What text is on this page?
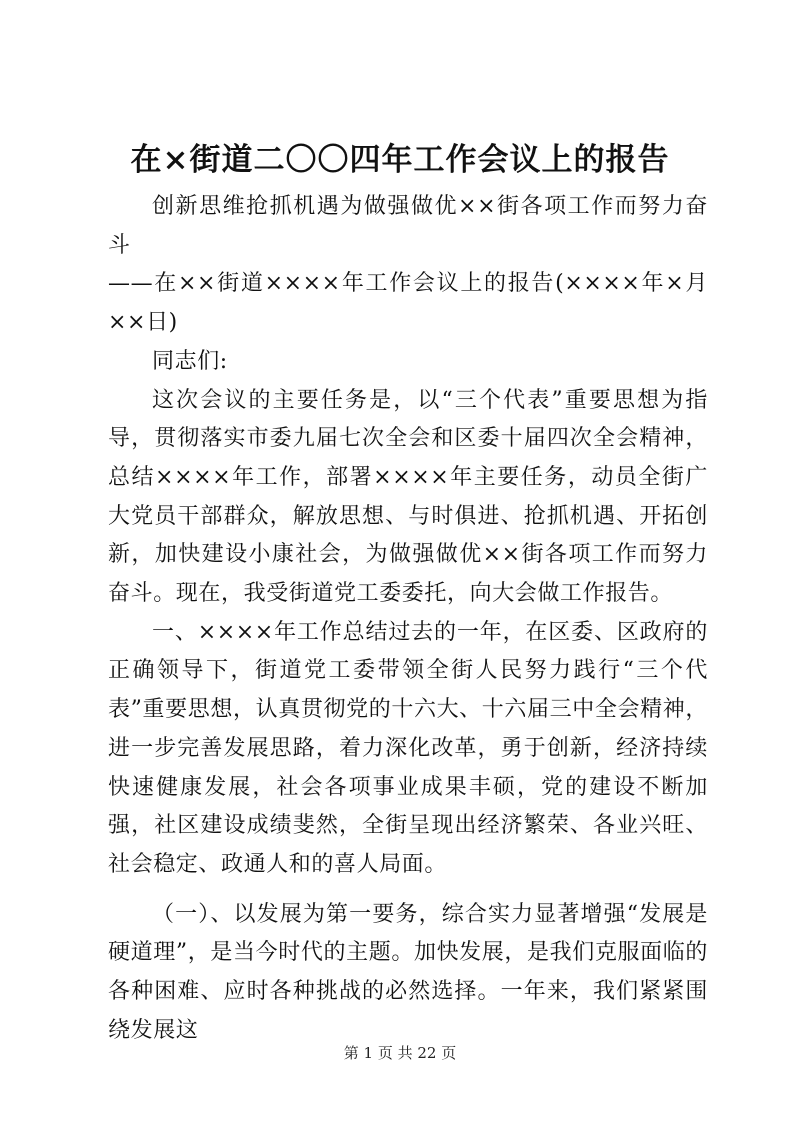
在×街道二〇〇四年工作会议上的报告

创新思维抢抓机遇为做强做优××街各项工作而努力奋斗

——在××街道××××年工作会议上的报告(××××年×月××日)

同志们:

这次会议的主要任务是，以“三个代表”重要思想为指导，贯彻落实市委九届七次全会和区委十届四次全会精神，总结××××年工作，部署××××年主要任务，动员全街广大党员干部群众，解放思想、与时俱进、抢抓机遇、开拓创新，加快建设小康社会，为做强做优××街各项工作而努力奋斗。现在，我受街道党工委委托，向大会做工作报告。

一、××××年工作总结过去的一年，在区委、区政府的正确领导下，街道党工委带领全街人民努力践行“三个代表”重要思想，认真贯彻党的十六大、十六届三中全会精神，进一步完善发展思路，着力深化改革，勇于创新，经济持续快速健康发展，社会各项事业成果丰硕，党的建设不断加强，社区建设成绩斐然，全街呈现出经济繁荣、各业兴旺、社会稳定、政通人和的喜人局面。

（一）、以发展为第一要务，综合实力显著增强“发展是硬道理”，是当今时代的主题。加快发展，是我们克服面临的各种困难、应时各种挑战的必然选择。一年来，我们紧紧围绕发展这

第 1 页 共 22 页
